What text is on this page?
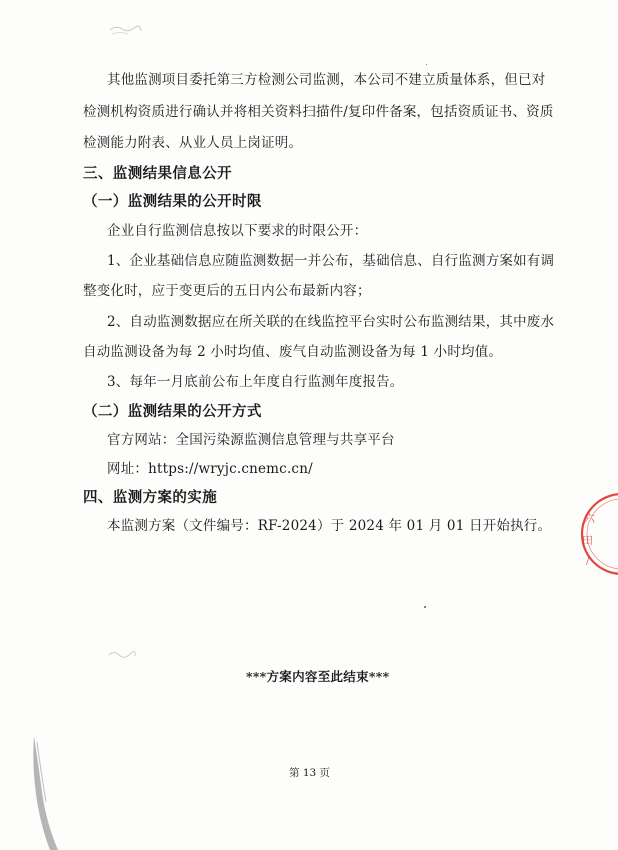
其他监测项目委托第三方检测公司监测，本公司不建立质量体系，但已对
检测机构资质进行确认并将相关资料扫描件/复印件备案，包括资质证书、资质
检测能力附表、从业人员上岗证明。
三、监测结果信息公开
（一）监测结果的公开时限
企业自行监测信息按以下要求的时限公开：
1、企业基础信息应随监测数据一并公布，基础信息、自行监测方案如有调
整变化时，应于变更后的五日内公布最新内容；
2、自动监测数据应在所关联的在线监控平台实时公布监测结果，其中废水
自动监测设备为每 2 小时均值、废气自动监测设备为每 1 小时均值。
3、每年一月底前公布上年度自行监测年度报告。
（二）监测结果的公开方式
官方网站：全国污染源监测信息管理与共享平台
网址：https://wryjc.cnemc.cn/
四、监测方案的实施
本监测方案（文件编号：RF-2024）于 2024 年 01 月 01 日开始执行。	六
田
/
***方案内容至此结束***
第 13 页
